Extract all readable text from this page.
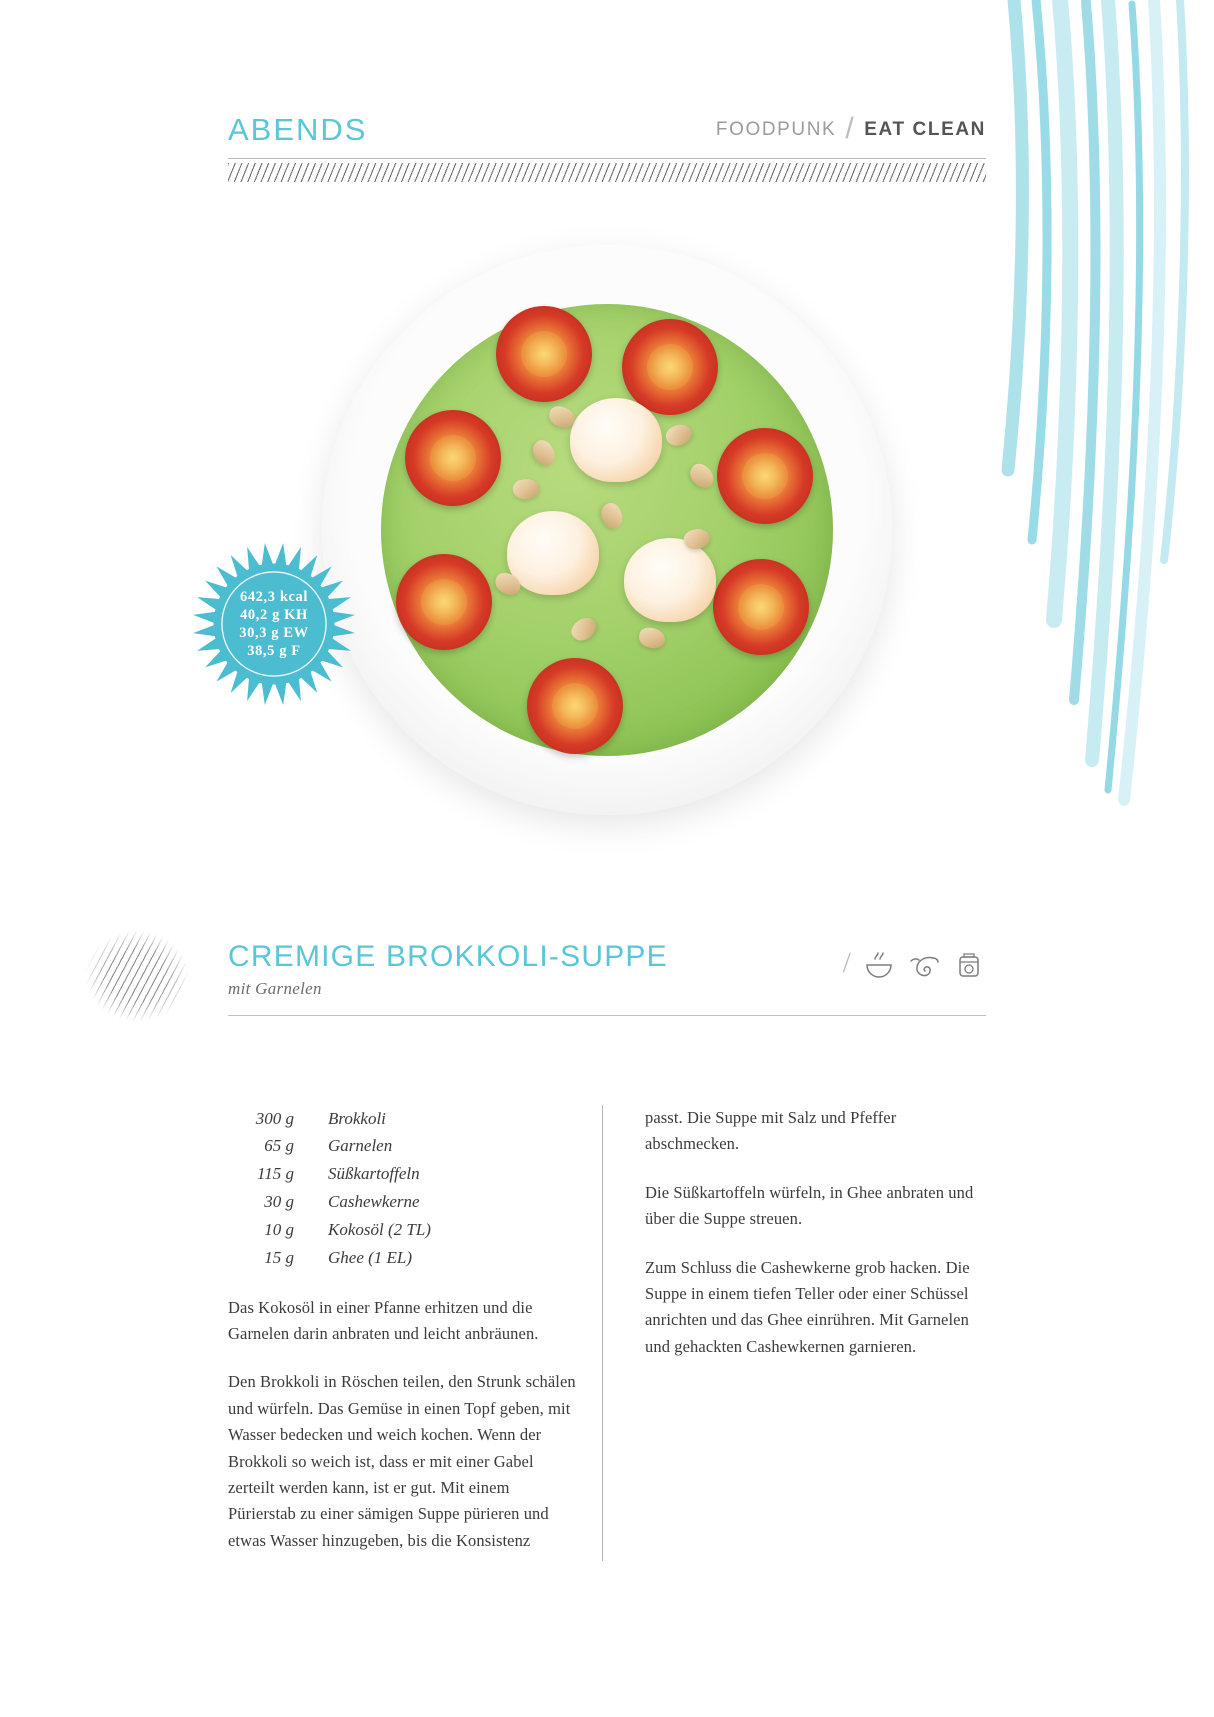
ABENDS	FOODPUNK / EAT CLEAN
642,3 kcal
40,2 g KH
30,3 g EW
38,5 g F
CREMIGE BROKKOLI-SUPPE
mit Garnelen
/
300 g	Brokkoli
65 g	Garnelen
115 g	Süßkartoffeln
30 g	Cashewkerne
10 g	Kokosöl (2 TL)
15 g	Ghee (1 EL)

Das Kokosöl in einer Pfanne erhitzen und die Garnelen darin anbraten und leicht anbräunen.

Den Brokkoli in Röschen teilen, den Strunk schälen und würfeln. Das Gemüse in einen Topf geben, mit Wasser bedecken und weich kochen. Wenn der Brokkoli so weich ist, dass er mit einer Gabel zerteilt werden kann, ist er gut. Mit einem Pürierstab zu einer sämigen Suppe pürieren und etwas Wasser hinzugeben, bis die Konsistenz

passt. Die Suppe mit Salz und Pfeffer abschmecken.

Die Süßkartoffeln würfeln, in Ghee anbraten und über die Suppe streuen.

Zum Schluss die Cashewkerne grob hacken. Die Suppe in einem tiefen Teller oder einer Schüssel anrichten und das Ghee einrühren. Mit Garnelen und gehackten Cashewkernen garnieren.
